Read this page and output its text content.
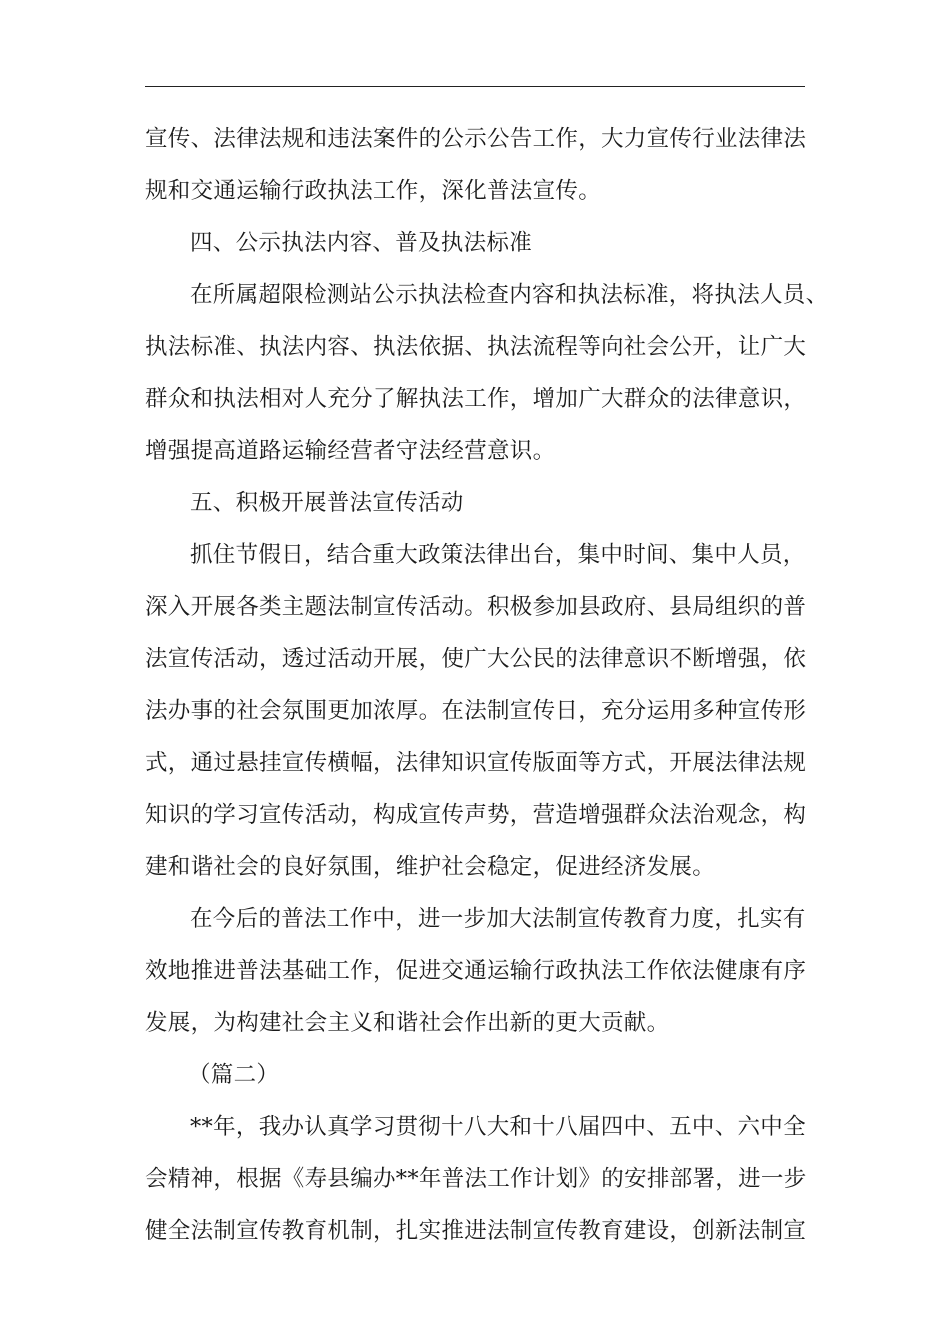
宣传、法律法规和违法案件的公示公告工作，大力宣传行业法律法
规和交通运输行政执法工作，深化普法宣传。
四、公示执法内容、普及执法标准
在所属超限检测站公示执法检查内容和执法标准，将执法人员、
执法标准、执法内容、执法依据、执法流程等向社会公开，让广大
群众和执法相对人充分了解执法工作，增加广大群众的法律意识，
增强提高道路运输经营者守法经营意识。
五、积极开展普法宣传活动
抓住节假日，结合重大政策法律出台，集中时间、集中人员，
深入开展各类主题法制宣传活动。积极参加县政府、县局组织的普
法宣传活动，透过活动开展，使广大公民的法律意识不断增强，依
法办事的社会氛围更加浓厚。在法制宣传日，充分运用多种宣传形
式，通过悬挂宣传横幅，法律知识宣传版面等方式，开展法律法规
知识的学习宣传活动，构成宣传声势，营造增强群众法治观念，构
建和谐社会的良好氛围，维护社会稳定，促进经济发展。
在今后的普法工作中，进一步加大法制宣传教育力度，扎实有
效地推进普法基础工作，促进交通运输行政执法工作依法健康有序
发展，为构建社会主义和谐社会作出新的更大贡献。
（篇二）
**年，我办认真学习贯彻十八大和十八届四中、五中、六中全
会精神，根据《寿县编办**年普法工作计划》的安排部署，进一步
健全法制宣传教育机制，扎实推进法制宣传教育建设，创新法制宣
